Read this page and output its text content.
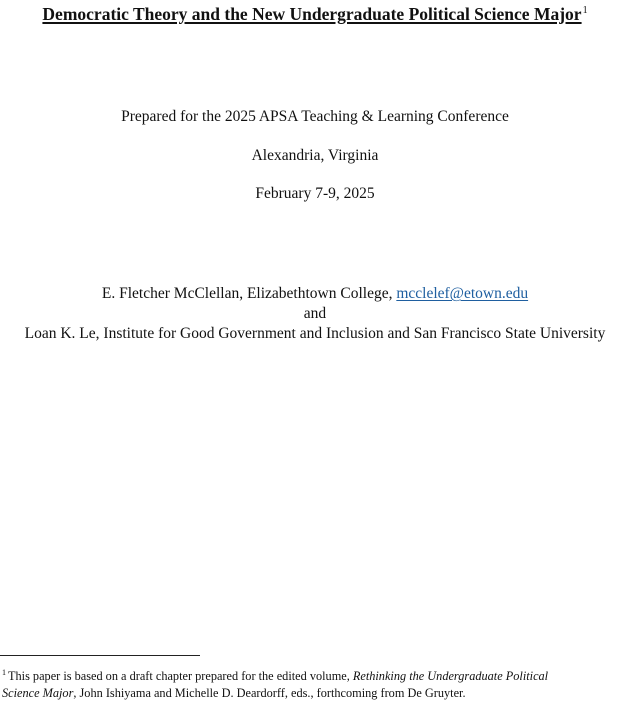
Democratic Theory and the New Undergraduate Political Science Major$^1$
Prepared for the 2025 APSA Teaching & Learning Conference
Alexandria, Virginia
February 7-9, 2025
E. Fletcher McClellan, Elizabethtown College, mcclelef@etown.edu
and
Loan K. Le, Institute for Good Government and Inclusion and San Francisco State University
$^1$ This paper is based on a draft chapter prepared for the edited volume, Rethinking the Undergraduate Political
Science Major, John Ishiyama and Michelle D. Deardorff, eds., forthcoming from De Gruyter.
